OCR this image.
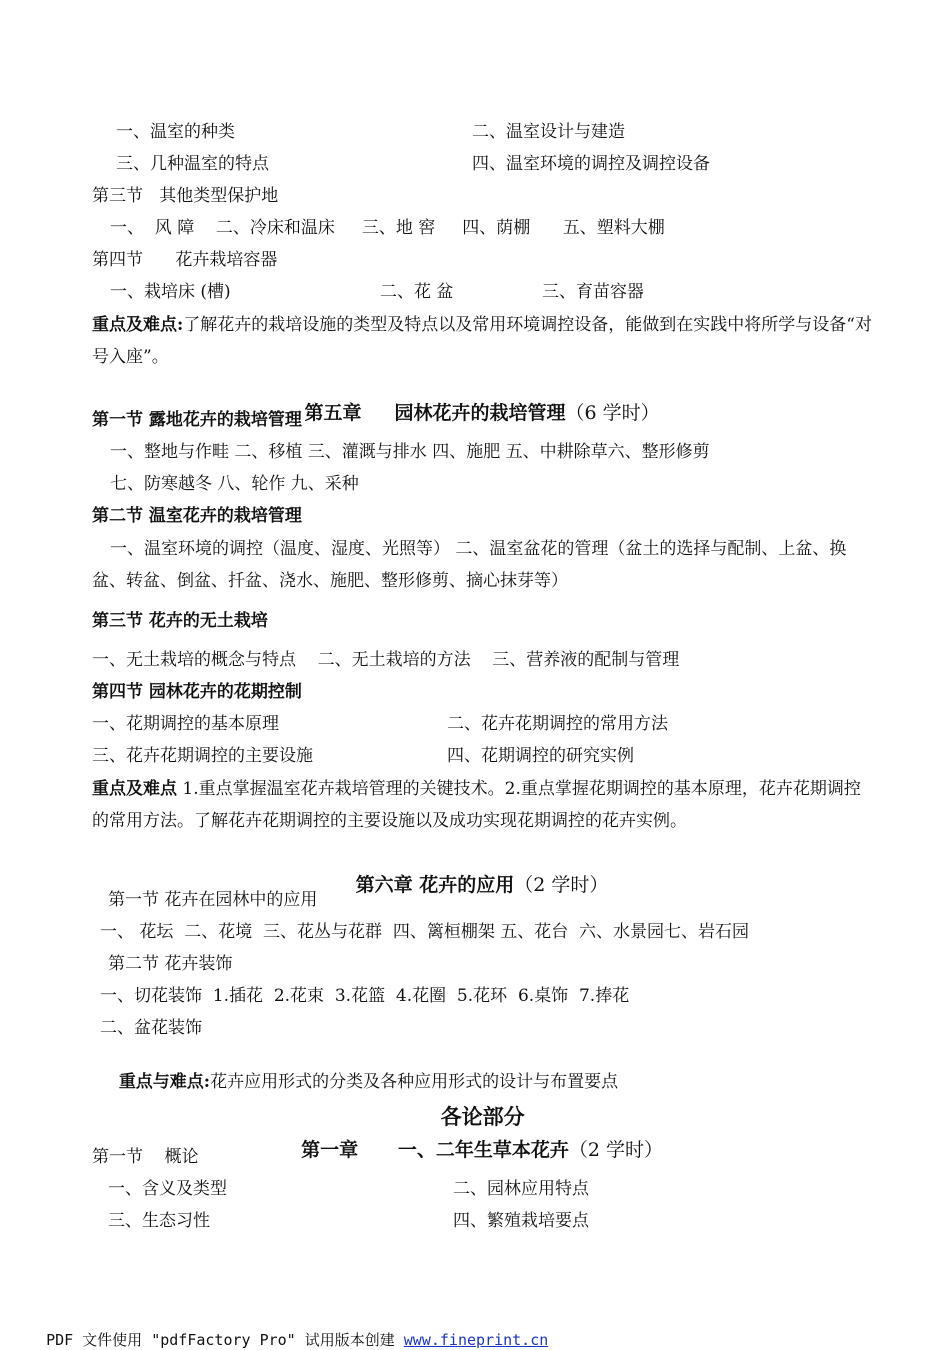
一、温室的种类	二、温室设计与建造
三、几种温室的特点	四、温室环境的调控及调控设备
第三节   其他类型保护地
一、  风 障    二、冷床和温床     三、地 窖     四、荫棚      五、塑料大棚
第四节      花卉栽培容器
一、栽培床 (槽)	二、花 盆	三、育苗容器
重点及难点:了解花卉的栽培设施的类型及特点以及常用环境调控设备，能做到在实践中将所学与设备“对号入座”。

第五章     园林花卉的栽培管理（6 学时）

第一节 露地花卉的栽培管理
一、整地与作畦 二、移植 三、灌溉与排水 四、施肥 五、中耕除草六、整形修剪
七、防寒越冬 八、轮作 九、采种
第二节 温室花卉的栽培管理
一、温室环境的调控（温度、湿度、光照等） 二、温室盆花的管理（盆土的选择与配制、上盆、换盆、转盆、倒盆、扦盆、浇水、施肥、整形修剪、摘心抹芽等）
第三节 花卉的无土栽培
一、无土栽培的概念与特点    二、无土栽培的方法    三、营养液的配制与管理
第四节 园林花卉的花期控制
一、花期调控的基本原理	二、花卉花期调控的常用方法
三、花卉花期调控的主要设施	四、花期调控的研究实例
重点及难点 1.重点掌握温室花卉栽培管理的关键技术。2.重点掌握花期调控的基本原理，花卉花期调控的常用方法。了解花卉花期调控的主要设施以及成功实现花期调控的花卉实例。

第六章 花卉的应用（2 学时）

第一节 花卉在园林中的应用
一、 花坛  二、花境  三、花丛与花群  四、篱桓棚架 五、花台  六、水景园七、岩石园
第二节 花卉装饰
一、切花装饰  1.插花  2.花束  3.花篮  4.花圈  5.花环  6.桌饰  7.捧花
二、盆花装饰

重点与难点:花卉应用形式的分类及各种应用形式的设计与布置要点

各论部分

第一章      一、二年生草本花卉（2 学时）

第一节    概论
一、含义及类型	二、园林应用特点
三、生态习性	四、繁殖栽培要点

PDF 文件使用 "pdfFactory Pro" 试用版本创建 www.fineprint.cn
